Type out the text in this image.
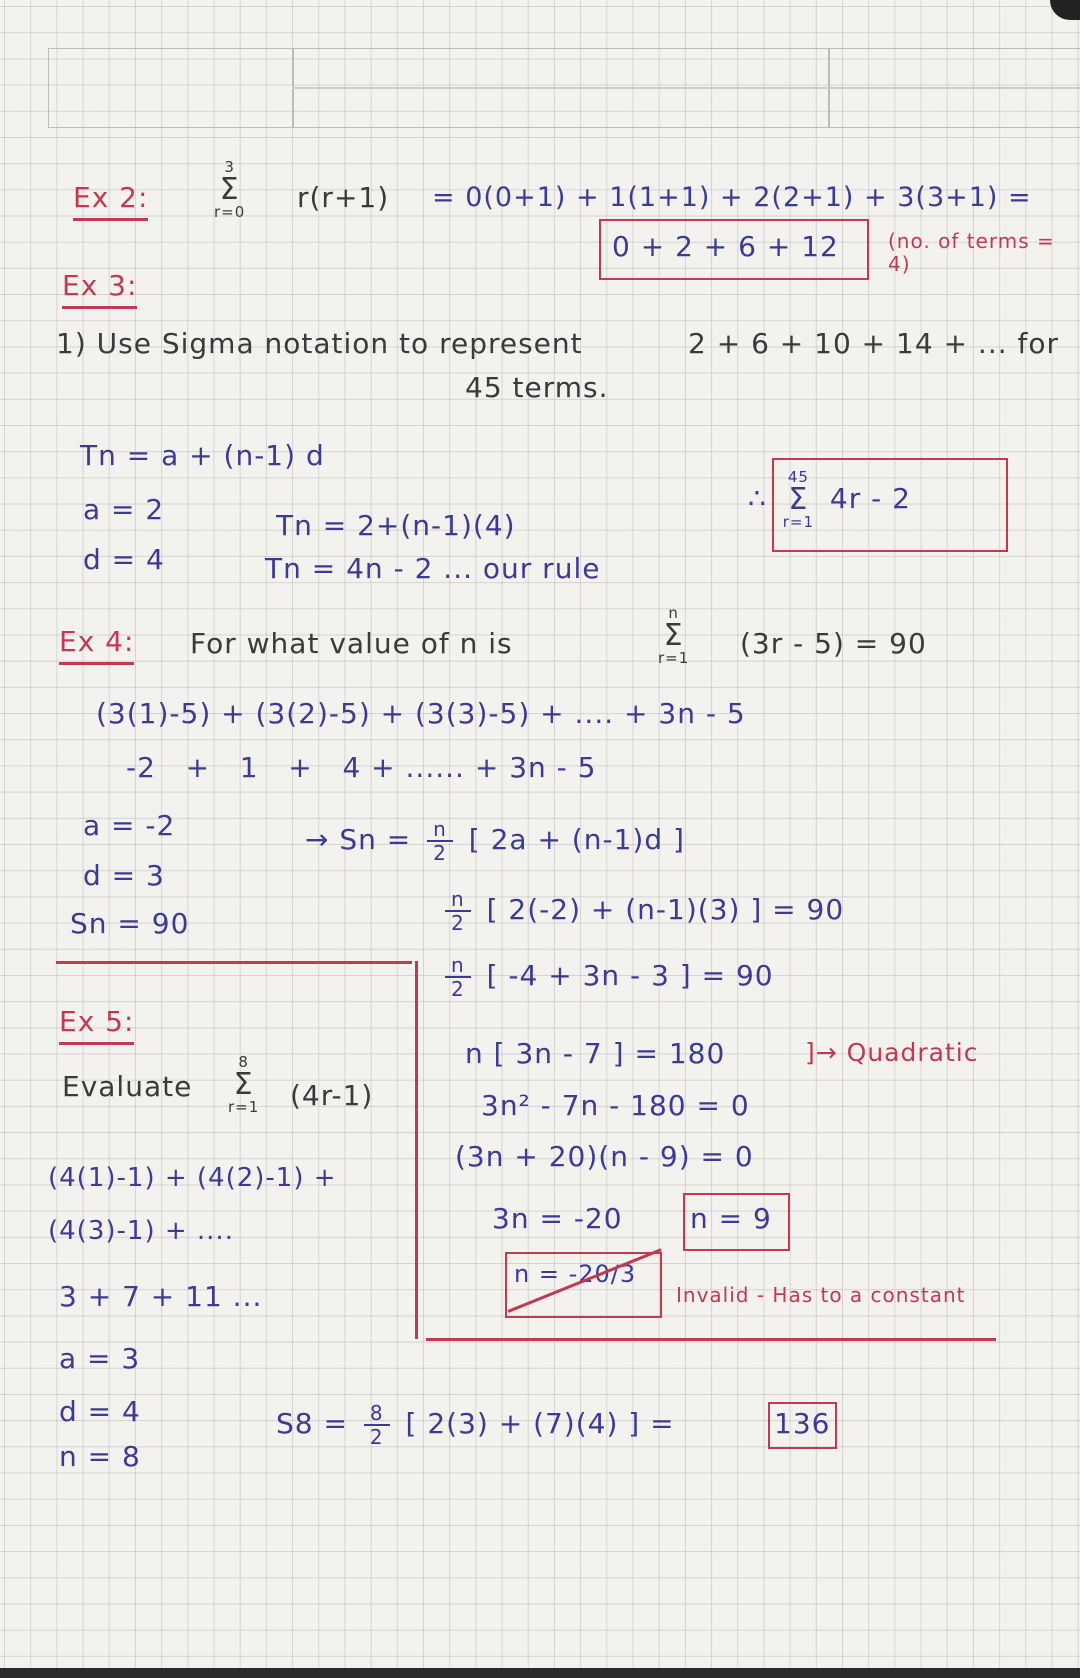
Ex 2:
3
Σ
r=0 r(r+1) = 0(0+1) + 1(1+1) + 2(2+1) + 3(3+1) =
0 + 2 + 6 + 12 (no. of terms = 4)
Ex 3:
1) Use Sigma notation to represent	2 + 6 + 10 + 14 + ... for
45 terms.
Tn = a + (n-1) d
a = 2
d = 4
Tn = 2+(n-1)(4)
Tn = 4n - 2 ... our rule
∴
45
Σ
r=1
4r - 2
Ex 4: For what value of n is
n
Σ
r=1 (3r - 5) = 90
(3(1)-5) + (3(2)-5) + (3(3)-5) + .... + 3n - 5
-2   +   1   +   4 + ...... + 3n - 5
a = -2
d = 3
Sn = 90
→ $Sn = \frac{n}{2}$ [ 2a + (n-1)d ]
$\frac{n}{2}$ [ 2(-2) + (n-1)(3) ] = 90
$\frac{n}{2}$ [ -4 + 3n - 3 ] = 90
n [ 3n - 7 ] = 180	]→ Quadratic
3n² - 7n - 180 = 0
(3n + 20)(n - 9) = 0
3n = -20 n = 9
n = -20/3
Invalid - Has to a constant
Ex 5:
Evaluate
8
Σ
r=1 (4r-1)
(4(1)-1) + (4(2)-1) +
(4(3)-1) + ....
3 + 7 + 11 ...
a = 3
d = 4
n = 8
$S8 = \frac{8}{2}$ [ 2(3) + (7)(4) ] =	136
